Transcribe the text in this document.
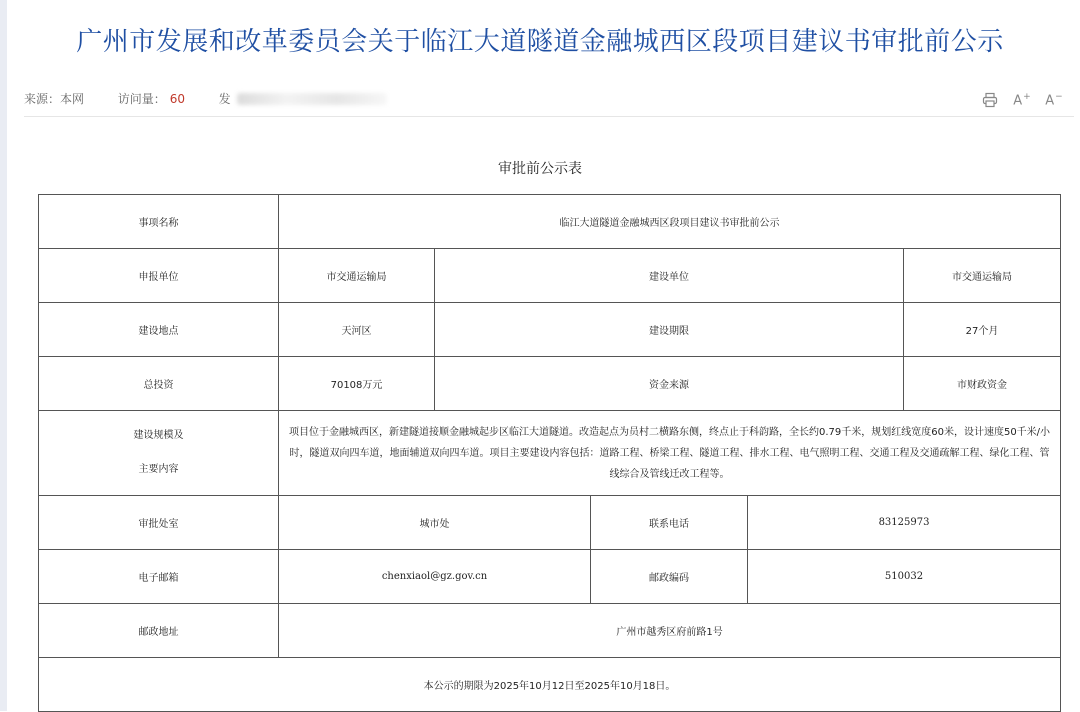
广州市发展和改革委员会关于临江大道隧道金融城西区段项目建议书审批前公示
来源：本网	访问量： 60	发	A+ A−
审批前公示表
事项名称	临江大道隧道金融城西区段项目建议书审批前公示				
申报单位	市交通运输局	建设单位			市交通运输局
建设地点	天河区	建设期限			27个月
总投资	70108万元	资金来源			市财政资金

建设规模及
主要内容	项目位于金融城西区，新建隧道接顺金融城起步区临江大道隧道。改造起点为员村二横路东侧，终点止于科韵路，全长约0.79千米，规划红线宽度60米，设计速度50千米/小时，隧道双向四车道，地面辅道双向四车道。项目主要建设内容包括：道路工程、桥梁工程、隧道工程、排水工程、电气照明工程、交通工程及交通疏解工程、绿化工程、管线综合及管线迁改工程等。				
审批处室	城市处		联系电话	83125973	
电子邮箱	chenxiaol@gz.gov.cn		邮政编码	510032	
邮政地址	广州市越秀区府前路1号				
本公示的期限为2025年10月12日至2025年10月18日。					
